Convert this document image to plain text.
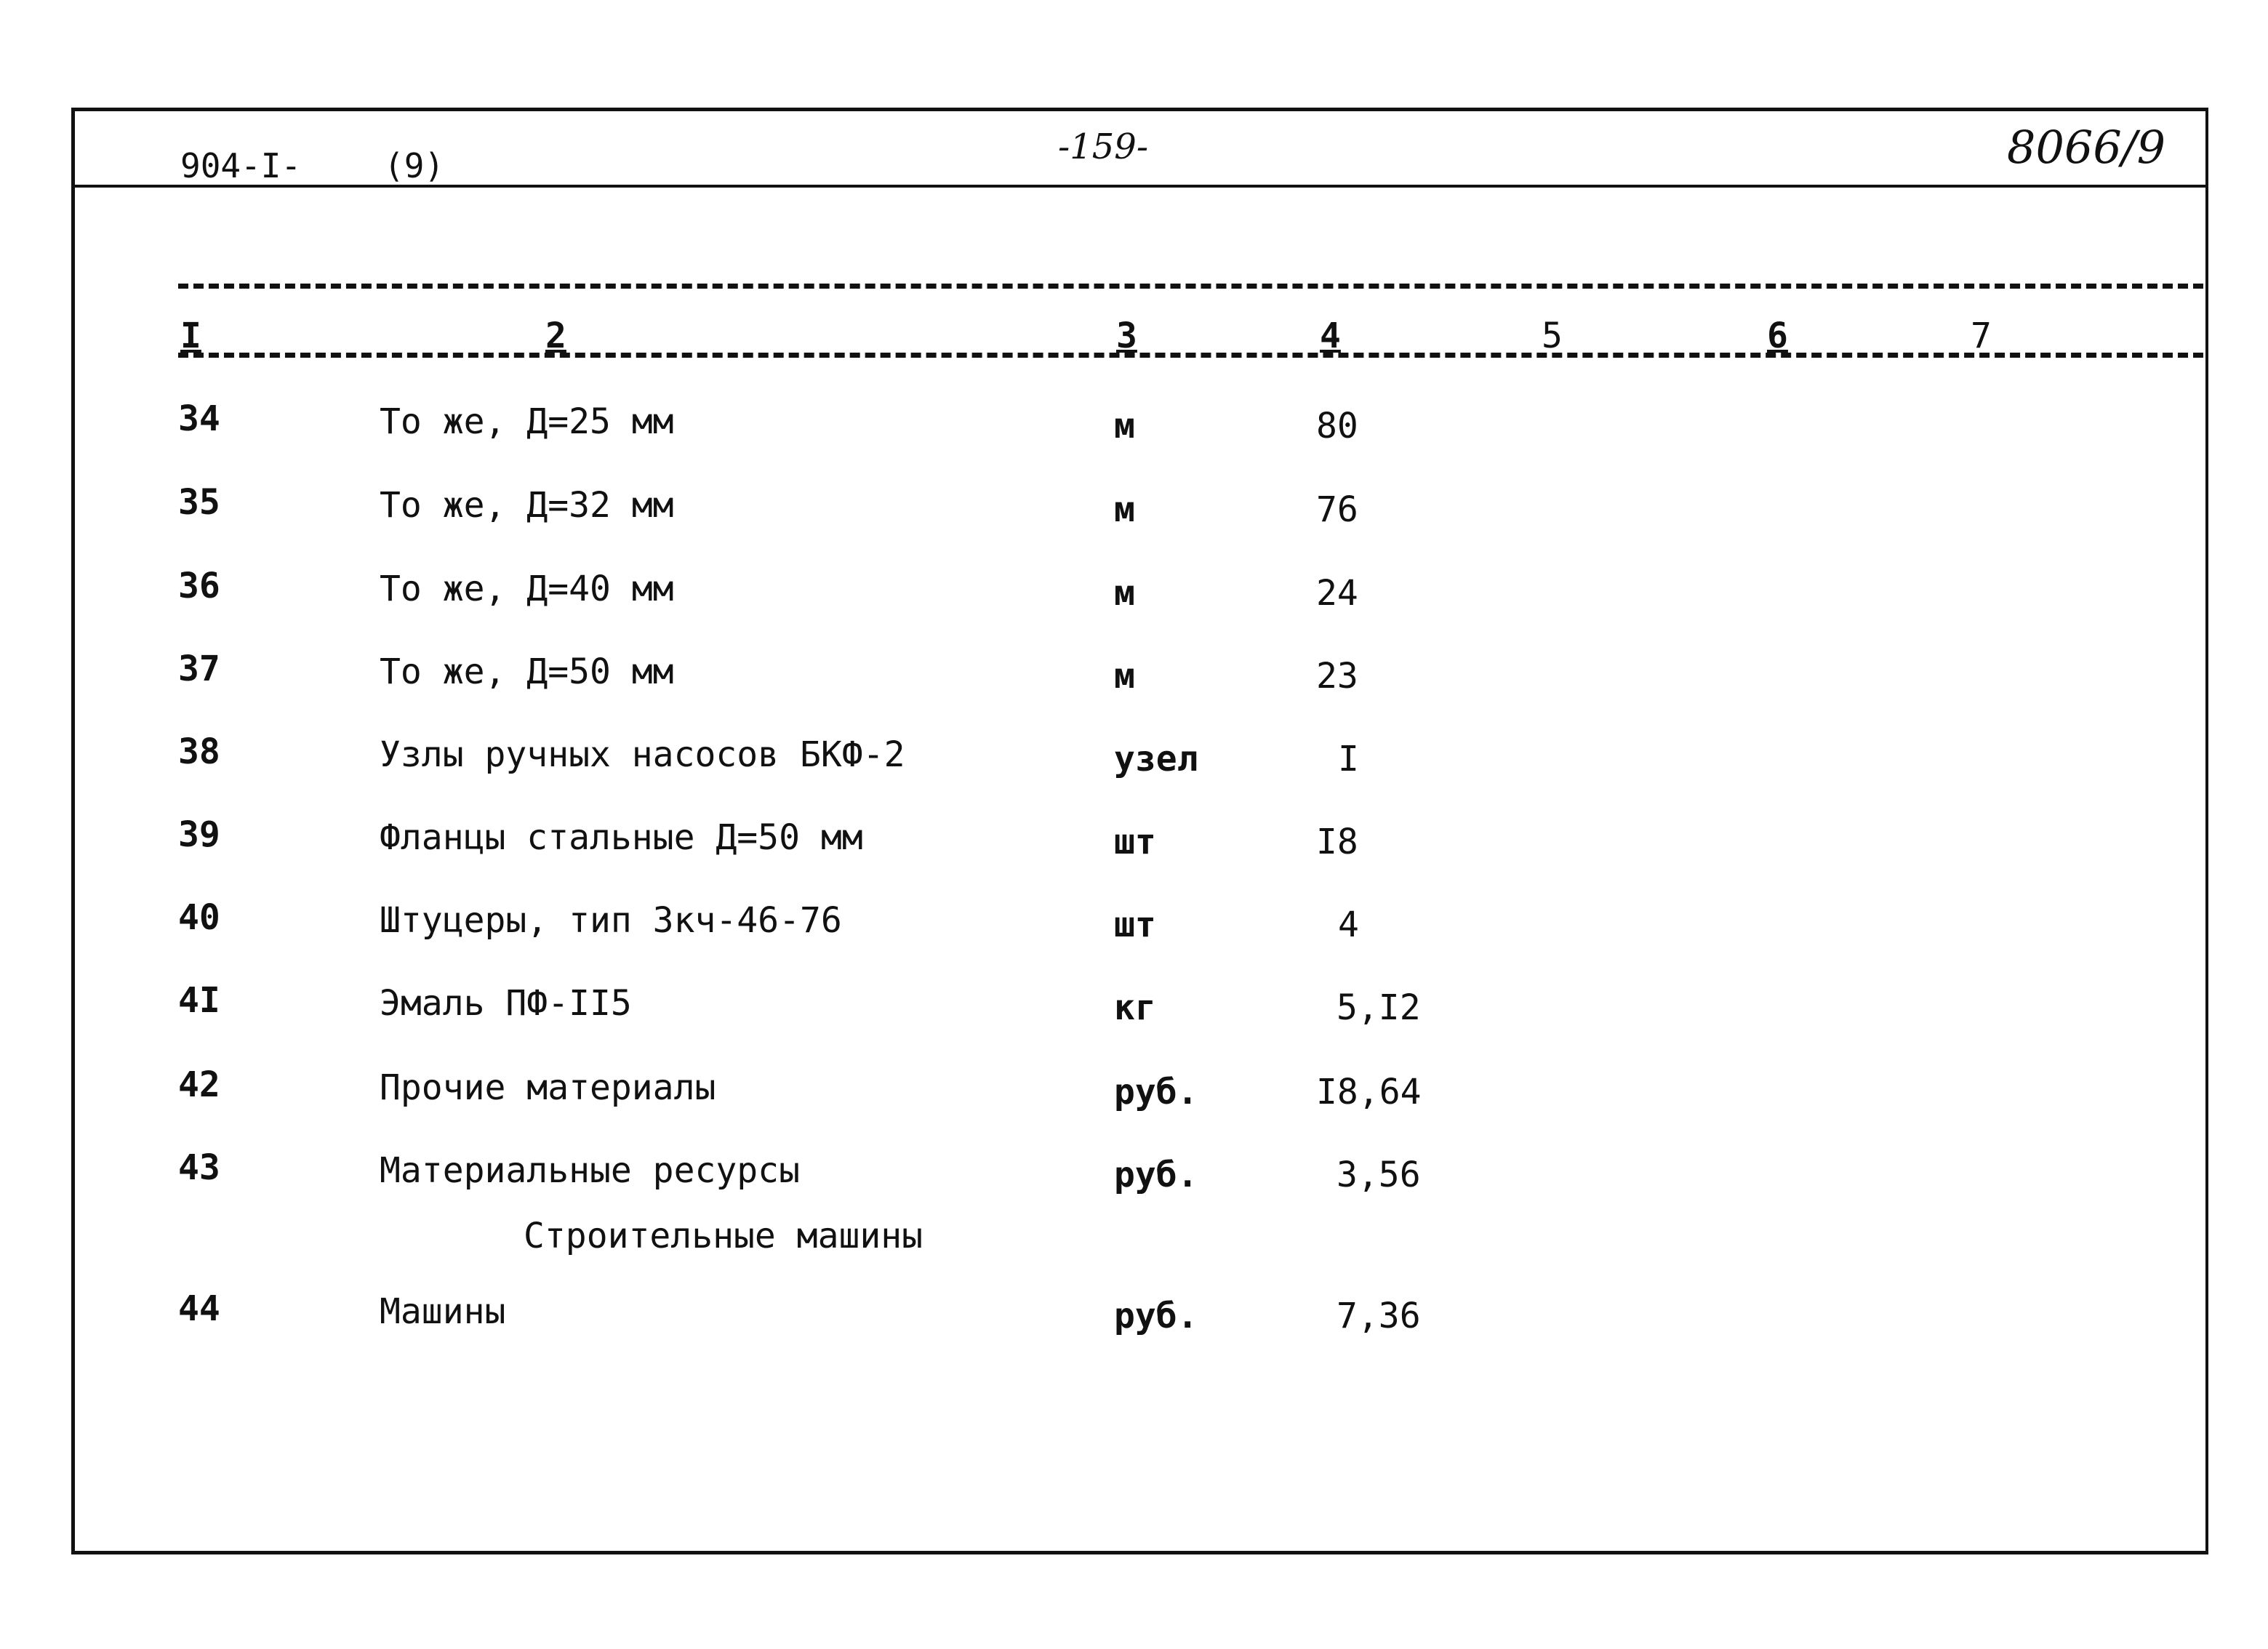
904-I- (9)	-159-	8066/9
I	2	3	4	5	6	7
34	То же, Д=25 мм	м	80
35	То же, Д=32 мм	м	76
36	То же, Д=40 мм	м	24
37	То же, Д=50 мм	м	23
38	Узлы ручных насосов БКФ-2	узел	I
39	Фланцы стальные Д=50 мм	шт	I8
40	Штуцеры, тип Зкч-46-76	шт	4
4I	Эмаль ПФ-II5	кг	5,I2
42	Прочие материалы	руб.	I8,64
43	Материальные ресурсы	руб.	3,56
Строительные машины
44	Машины	руб.	7,36
